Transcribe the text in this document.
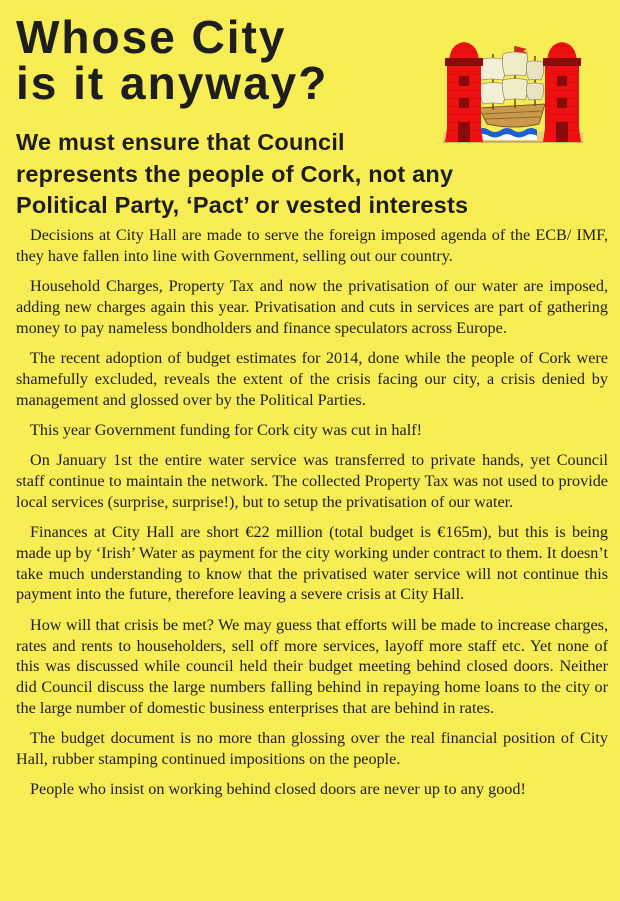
Whose City
is it anyway?
We must ensure that Council
represents the people of Cork, not any
Political Party, ‘Pact’ or vested interests

Decisions at City Hall are made to serve the foreign imposed agenda of the ECB/ IMF, they have fallen into line with Government, selling out our country.

Household Charges, Property Tax and now the privatisation of our water are imposed, adding new charges again this year. Privatisation and cuts in services are part of gathering money to pay nameless bondholders and finance speculators across Europe.

The recent adoption of budget estimates for 2014, done while the people of Cork were shamefully excluded, reveals the extent of the crisis facing our city, a crisis denied by management and glossed over by the Political Parties.

This year Government funding for Cork city was cut in half!

On January 1st the entire water service was transferred to private hands, yet Council staff continue to maintain the network. The collected Property Tax was not used to provide local services (surprise, surprise!), but to setup the privatisation of our water.

Finances at City Hall are short €22 million (total budget is €165m), but this is being made up by ‘Irish’ Water as payment for the city working under contract to them. It doesn’t take much understanding to know that the privatised water service will not continue this payment into the future, therefore leaving a severe crisis at City Hall.

How will that crisis be met? We may guess that efforts will be made to increase charges, rates and rents to householders, sell off more services, layoff more staff etc. Yet none of this was discussed while council held their budget meeting behind closed doors. Neither did Council discuss the large numbers falling behind in repaying home loans to the city or the large number of domestic business enterprises that are behind in rates.

The budget document is no more than glossing over the real financial position of City Hall, rubber stamping continued impositions on the people.

People who insist on working behind closed doors are never up to any good!
